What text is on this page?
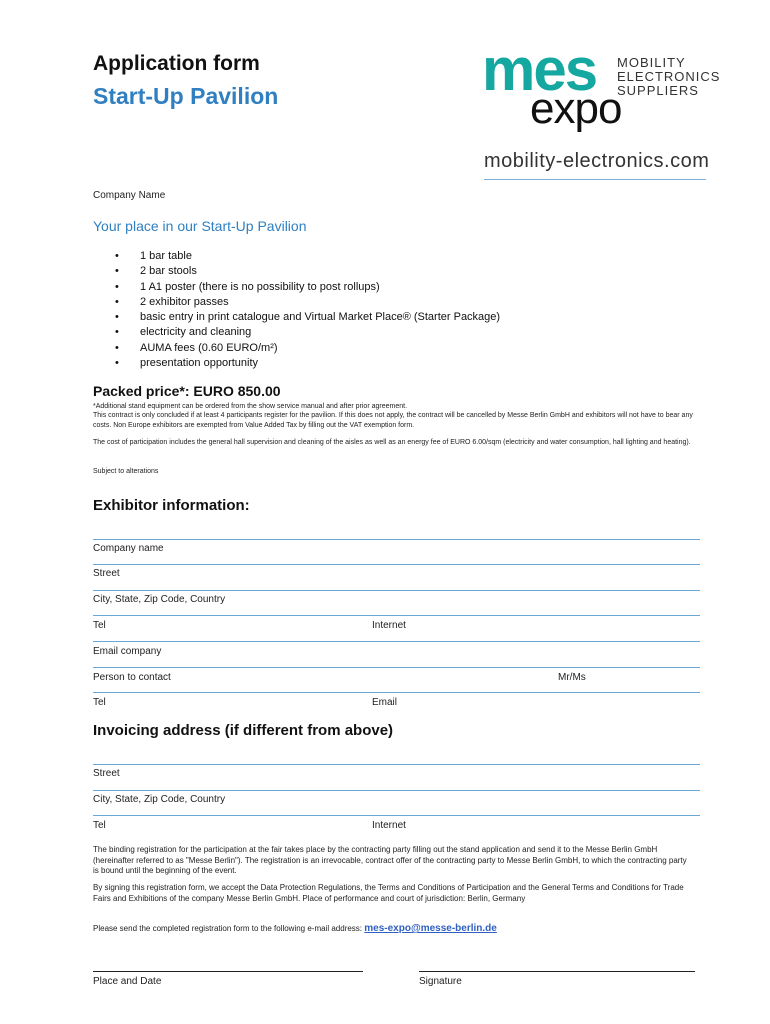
Application form
Start-Up Pavilion	mes
expo
MOBILITY
ELECTRONICS
SUPPLIERS
mobility-electronics.com
Company Name
Your place in our Start-Up Pavilion
• 1 bar table
• 2 bar stools
• 1 A1 poster (there is no possibility to post rollups)
• 2 exhibitor passes
• basic entry in print catalogue and Virtual Market Place® (Starter Package)
• electricity and cleaning
• AUMA fees (0.60 EURO/m²)
• presentation opportunity
Packed price*: EURO 850.00
*Additional stand equipment can be ordered from the show service manual and after prior agreement.
This contract is only concluded if at least 4 participants register for the pavilion. If this does not apply, the contract will be cancelled by Messe Berlin GmbH and exhibitors will not have to bear any costs. Non Europe exhibitors are exempted from Value Added Tax by filling out the VAT exemption form.
The cost of participation includes the general hall supervision and cleaning of the aisles as well as an energy fee of EURO 6.00/sqm (electricity and water consumption, hall lighting and heating).
Subject to alterations
Exhibitor information:
Company name
Street
City, State, Zip Code, Country
Tel	Internet
Email company
Person to contact	Mr/Ms
Tel	Email
Invoicing address (if different from above)
Street
City, State, Zip Code, Country
Tel	Internet
The binding registration for the participation at the fair takes place by the contracting party filling out the stand application and send it to the Messe Berlin GmbH (hereinafter referred to as "Messe Berlin"). The registration is an irrevocable, contract offer of the contracting party to Messe Berlin GmbH, to which the contracting party is bound until the beginning of the event.
By signing this registration form, we accept the Data Protection Regulations, the Terms and Conditions of Participation and the General Terms and Conditions for Trade Fairs and Exhibitions of the company Messe Berlin GmbH. Place of performance and court of jurisdiction: Berlin, Germany
Please send the completed registration form to the following e-mail address: mes-expo@messe-berlin.de
Place and Date	Signature
